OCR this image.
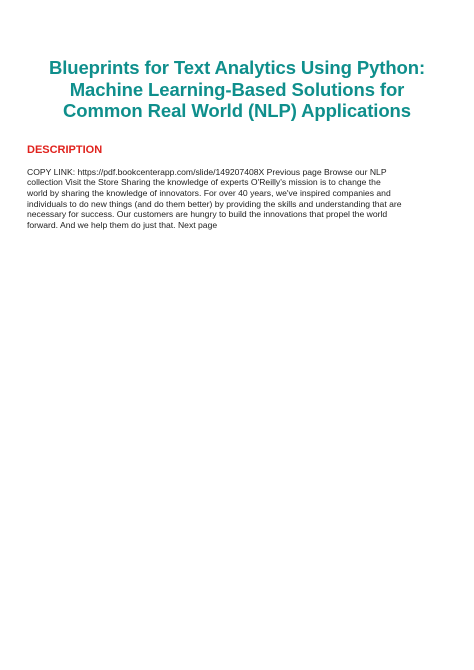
Blueprints for Text Analytics Using Python:
Machine Learning-Based Solutions for
Common Real World (NLP) Applications
DESCRIPTION

COPY LINK: https://pdf.bookcenterapp.com/slide/149207408X Previous page Browse our NLP
collection Visit the Store Sharing the knowledge of experts O'Reilly's mission is to change the
world by sharing the knowledge of innovators. For over 40 years, we've inspired companies and
individuals to do new things (and do them better) by providing the skills and understanding that are
necessary for success. Our customers are hungry to build the innovations that propel the world
forward. And we help them do just that. Next page
